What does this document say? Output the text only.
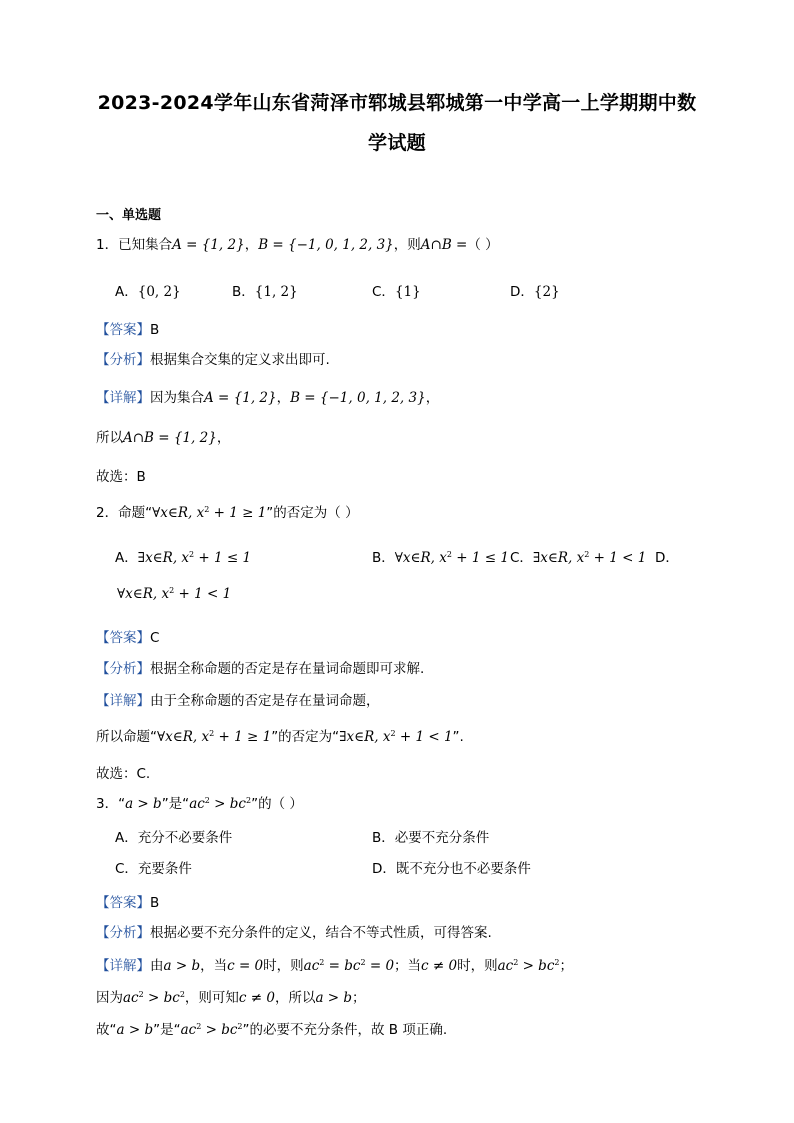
2023-2024学年山东省菏泽市郓城县郓城第一中学高一上学期期中数
学试题
一、单选题
1．已知集合A = {1, 2}，B = {−1, 0, 1, 2, 3}，则A∩B =（ ）
A．{0, 2}	B．{1, 2}	C．{1}	D．{2}
【答案】B
【分析】根据集合交集的定义求出即可.
【详解】因为集合A = {1, 2}，B = {−1, 0, 1, 2, 3}，
所以A∩B = {1, 2}，
故选：B
2．命题“∀x∈R, $x^2 + 1 \ge 1$”的否定为（ ）
A．∃x∈R, $x^2 + 1 \le 1$	B．∀x∈R, $x^2 + 1 \le 1$ C．∃x∈R, $x^2 + 1 < 1$ D．
∀x∈R, $x^2 + 1 < 1$
【答案】C
【分析】根据全称命题的否定是存在量词命题即可求解.
【详解】由于全称命题的否定是存在量词命题，
所以命题“∀x∈R, $x^2 + 1 \ge 1$”的否定为“∃x∈R, $x^2 + 1 < 1$”.
故选：C.
3．“a > b”是“$ac^2 > bc^2$”的（ ）
A．充分不必要条件	B．必要不充分条件
C．充要条件	D．既不充分也不必要条件
【答案】B
【分析】根据必要不充分条件的定义，结合不等式性质，可得答案.
【详解】由a > b，当c = 0时，则$ac^2 = bc^2 = 0$；当c ≠ 0时，则$ac^2 > bc^2$；
因为$ac^2 > bc^2$，则可知c ≠ 0，所以a > b；
故“a > b”是“$ac^2 > bc^2$”的必要不充分条件，故 B 项正确.
